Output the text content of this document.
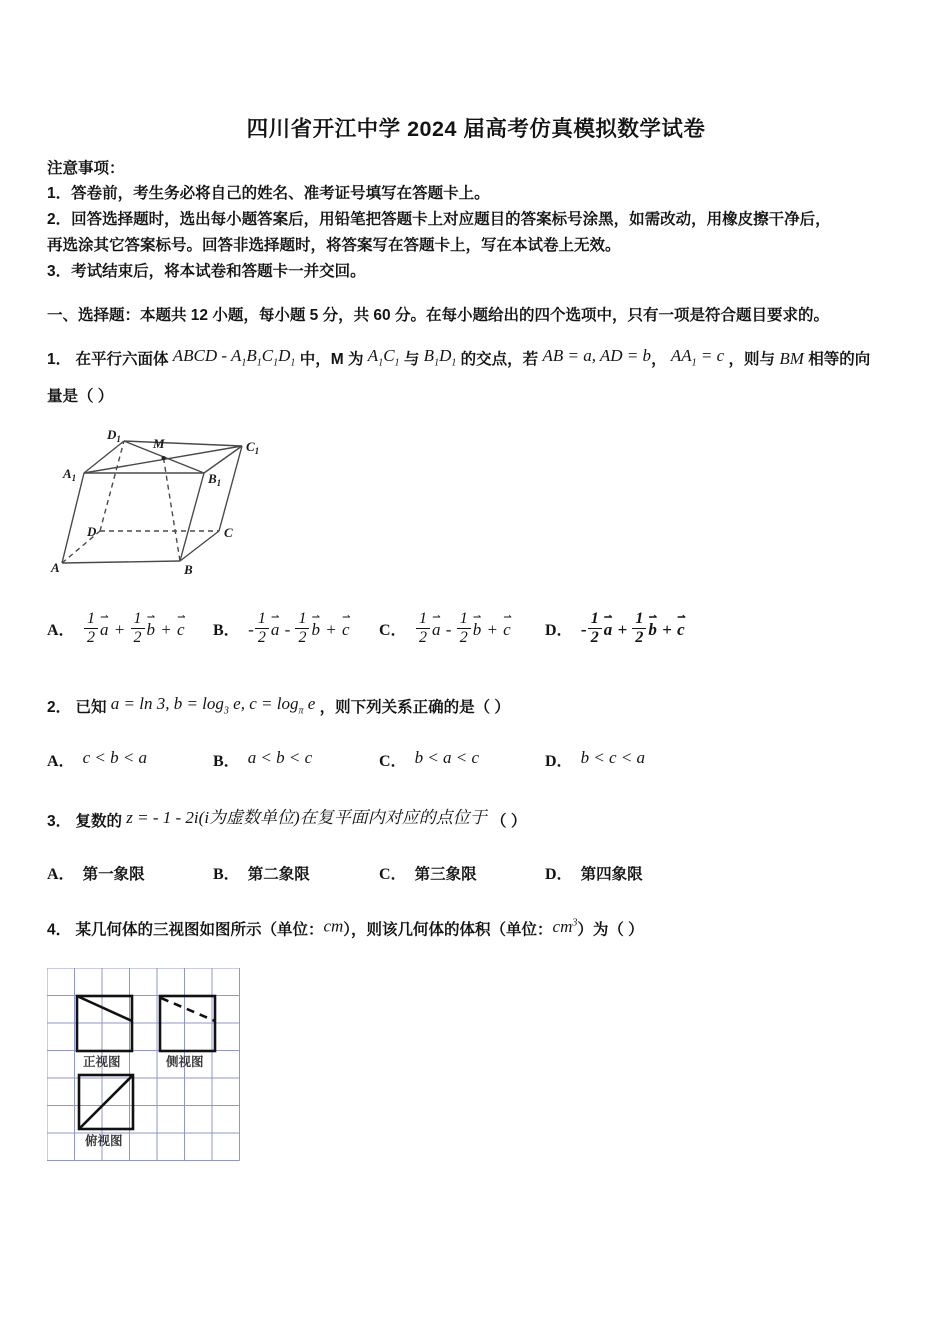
四川省开江中学 2024 届高考仿真模拟数学试卷

注意事项：

1．答卷前，考生务必将自己的姓名、准考证号填写在答题卡上。

2．回答选择题时，选出每小题答案后，用铅笔把答题卡上对应题目的答案标号涂黑，如需改动，用橡皮擦干净后，
再选涂其它答案标号。回答非选择题时，将答案写在答题卡上，写在本试卷上无效。

3．考试结束后，将本试卷和答题卡一并交回。

一、选择题：本题共 12 小题，每小题 5 分，共 60 分。在每小题给出的四个选项中，只有一项是符合题目要求的。

1． 在平行六面体 ABCD - $A_1B_1C_1D_1$ 中，M 为 $A_1C_1$ 与 $B_1D_1$ 的交点，若 AB = a, AD = b， $AA_1 = c$ ，则与 BM 相等的向
量是（ ）

A	B
C
D
M
$A_1$	$B_1$
$C_1$
$D_1$
A． $\frac{1}{2}$ ⇀
$a + \frac{1}{2}$ ⇀
b +
⇀
c	B． - $\frac{1}{2}$ ⇀
a - $\frac{1}{2}$ ⇀
b +
⇀
c	C． $\frac{1}{2}$ ⇀
a - $\frac{1}{2}$ ⇀
b +
⇀
c	D． - $\frac{1}{2}$ ⇀
$a + \frac{1}{2}$ ⇀
b +
⇀
c

2． 已知 a = ln 3, $b = \log_3 e$, $c = \log_\pi e$ ，则下列关系正确的是（ ）

A． c < b < a	B． a < b < c	C． b < a < c	D． b < c < a

3． 复数的 z = - 1 - 2i(i为虚数单位)在复平面内对应的点位于 （ ）

A． 第一象限	B． 第二象限	C． 第三象限	D． 第四象限

4． 某几何体的三视图如图所示（单位：cm），则该几何体的体积（单位：$cm^3$）为（ ）

正视图	侧视图
俯视图
